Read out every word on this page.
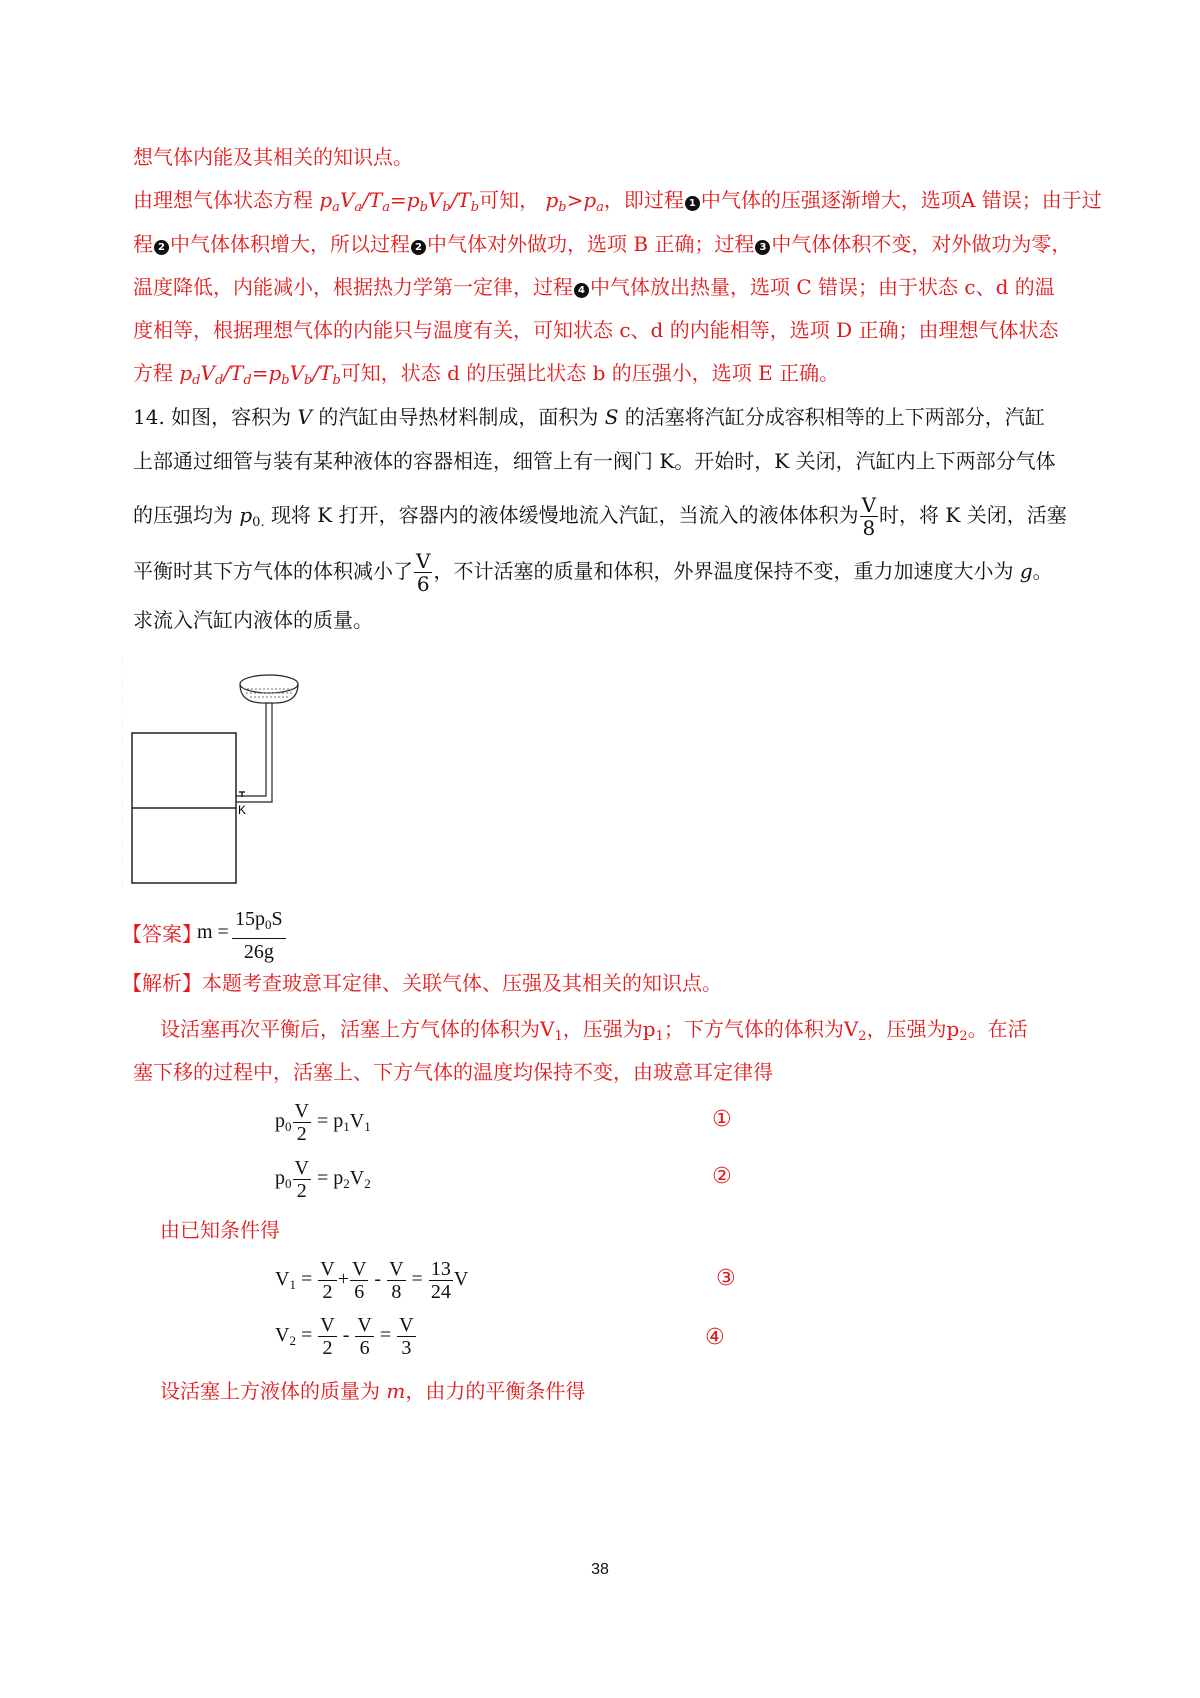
想气体内能及其相关的知识点。
由理想气体状态方程 $p_aV_a/T_a=p_bV_b/T_b$可知， $p_b>p_a$，即过程 1 中气体的压强逐渐增大，选项A 错误；由于过
程 2 中气体体积增大，所以过程 2 中气体对外做功，选项 B 正确；过程 3 中气体体积不变，对外做功为零，
温度降低，内能减小，根据热力学第一定律，过程 4 中气体放出热量，选项 C 错误；由于状态 c、d 的温
度相等，根据理想气体的内能只与温度有关，可知状态 c、d 的内能相等，选项 D 正确；由理想气体状态
方程 $p_dV_d/T_d=p_bV_b/T_b$可知，状态 d 的压强比状态 b 的压强小，选项 E 正确。
14. 如图，容积为 V 的汽缸由导热材料制成，面积为 S 的活塞将汽缸分成容积相等的上下两部分，汽缸
上部通过细管与装有某种液体的容器相连，细管上有一阀门 K。开始时，K 关闭，汽缸内上下两部分气体
的压强均为 $p_{0.}$ 现将 K 打开，容器内的液体缓慢地流入汽缸，当流入的液体体积为 $\frac{V}{8}$ 时，将 K 关闭，活塞
平衡时其下方气体的体积减小了 $\frac{V}{6}$ ，不计活塞的质量和体积，外界温度保持不变，重力加速度大小为 g。
求流入汽缸内液体的质量。
K
【答案】
m =
$15p_0S$
26g
【解析】本题考查玻意耳定律、关联气体、压强及其相关的知识点。
设活塞再次平衡后，活塞上方气体的体积为$V_1$，压强为$p_1$；下方气体的体积为$V_2$，压强为$p_2$。在活
塞下移的过程中，活塞上、下方气体的温度均保持不变，由玻意耳定律得
$p_0 \frac{V}{2} = p_1V_1$	①
$p_0 \frac{V}{2} = p_2V_2$	②
由已知条件得
$V_1 = \frac{V}{2} + \frac{V}{6} - \frac{V}{8} = \frac{13}{24}$ V	③
$V_2 = \frac{V}{2} - \frac{V}{6} = \frac{V}{3}$	④
设活塞上方液体的质量为 m，由力的平衡条件得
38
